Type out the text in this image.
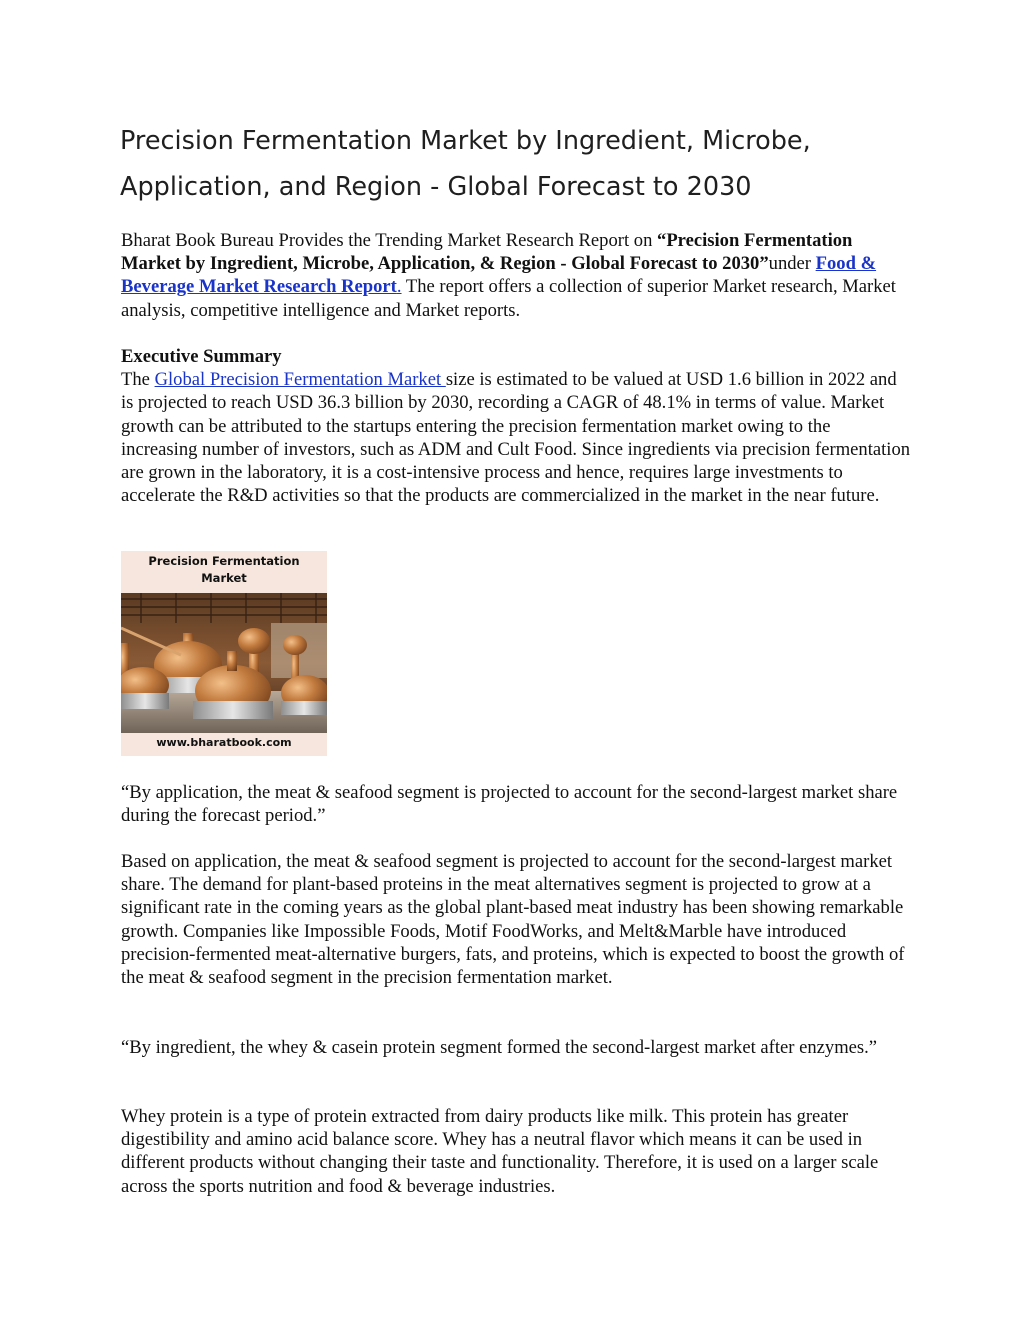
Precision Fermentation Market by Ingredient, Microbe,
Application, and Region - Global Forecast to 2030

Bharat Book Bureau Provides the Trending Market Research Report on “Precision Fermentation Market by Ingredient, Microbe, Application, & Region - Global Forecast to 2030”under Food & Beverage Market Research Report. The report offers a collection of superior Market research, Market analysis, competitive intelligence and Market reports.

Executive Summary
The Global Precision Fermentation Market size is estimated to be valued at USD 1.6 billion in 2022 and is projected to reach USD 36.3 billion by 2030, recording a CAGR of 48.1% in terms of value. Market growth can be attributed to the startups entering the precision fermentation market owing to the increasing number of investors, such as ADM and Cult Food. Since ingredients via precision fermentation are grown in the laboratory, it is a cost-intensive process and hence, requires large investments to accelerate the R&D activities so that the products are commercialized in the market in the near future.

Precision Fermentation
Market
www.bharatbook.com

“By application, the meat & seafood segment is projected to account for the second-largest market share during the forecast period.”

Based on application, the meat & seafood segment is projected to account for the second-largest market share. The demand for plant-based proteins in the meat alternatives segment is projected to grow at a significant rate in the coming years as the global plant-based meat industry has been showing remarkable growth. Companies like Impossible Foods, Motif FoodWorks, and Melt&Marble have introduced precision-fermented meat-alternative burgers, fats, and proteins, which is expected to boost the growth of the meat & seafood segment in the precision fermentation market.

“By ingredient, the whey & casein protein segment formed the second-largest market after enzymes.”

Whey protein is a type of protein extracted from dairy products like milk. This protein has greater digestibility and amino acid balance score. Whey has a neutral flavor which means it can be used in different products without changing their taste and functionality. Therefore, it is used on a larger scale across the sports nutrition and food & beverage industries.
